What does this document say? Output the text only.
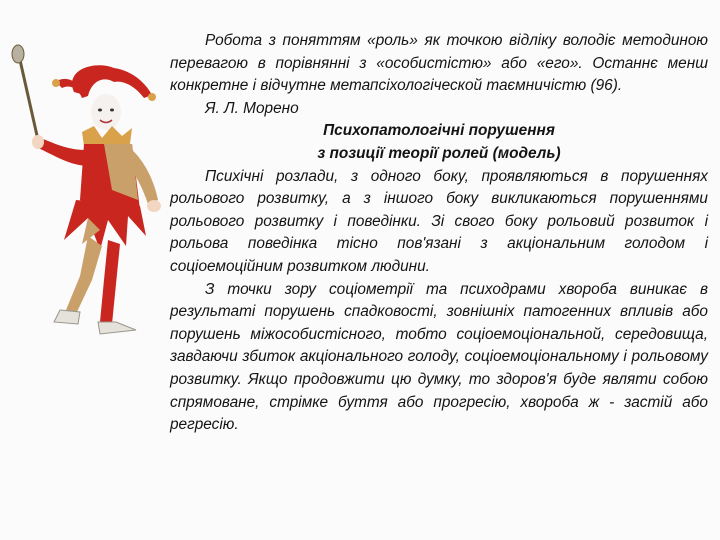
Робота з поняттям «роль» як точкою відліку володіє методиною перевагою в порівнянні з «особистістю» або «его». Останнє менш конкретне і відчутне метапсіхологіческой таємничістю (96).

Я. Л. Морено

Психопатологічні порушення

з позиції теорії ролей (модель)

Психічні розлади, з одного боку, проявляються в порушеннях рольового розвитку, а з іншого боку викликаються порушеннями рольового розвитку і поведінки. Зі свого боку рольовий розвиток і рольова поведінка тісно пов'язані з акціональним голодом і соціоемоційним розвитком людини.

З точки зору соціометрії та психодрами хвороба виникає в результаті порушень спадковості, зовнішніх патогенних впливів або порушень міжособистісного, тобто соціоемоціональной, середовища, завдаючи збиток акціонального голоду, соціоемоціональному і рольовому розвитку. Якщо продовжити цю думку, то здоров'я буде являти собою спрямоване, стрімке буття або прогресію, хвороба ж - застій або регресію.
